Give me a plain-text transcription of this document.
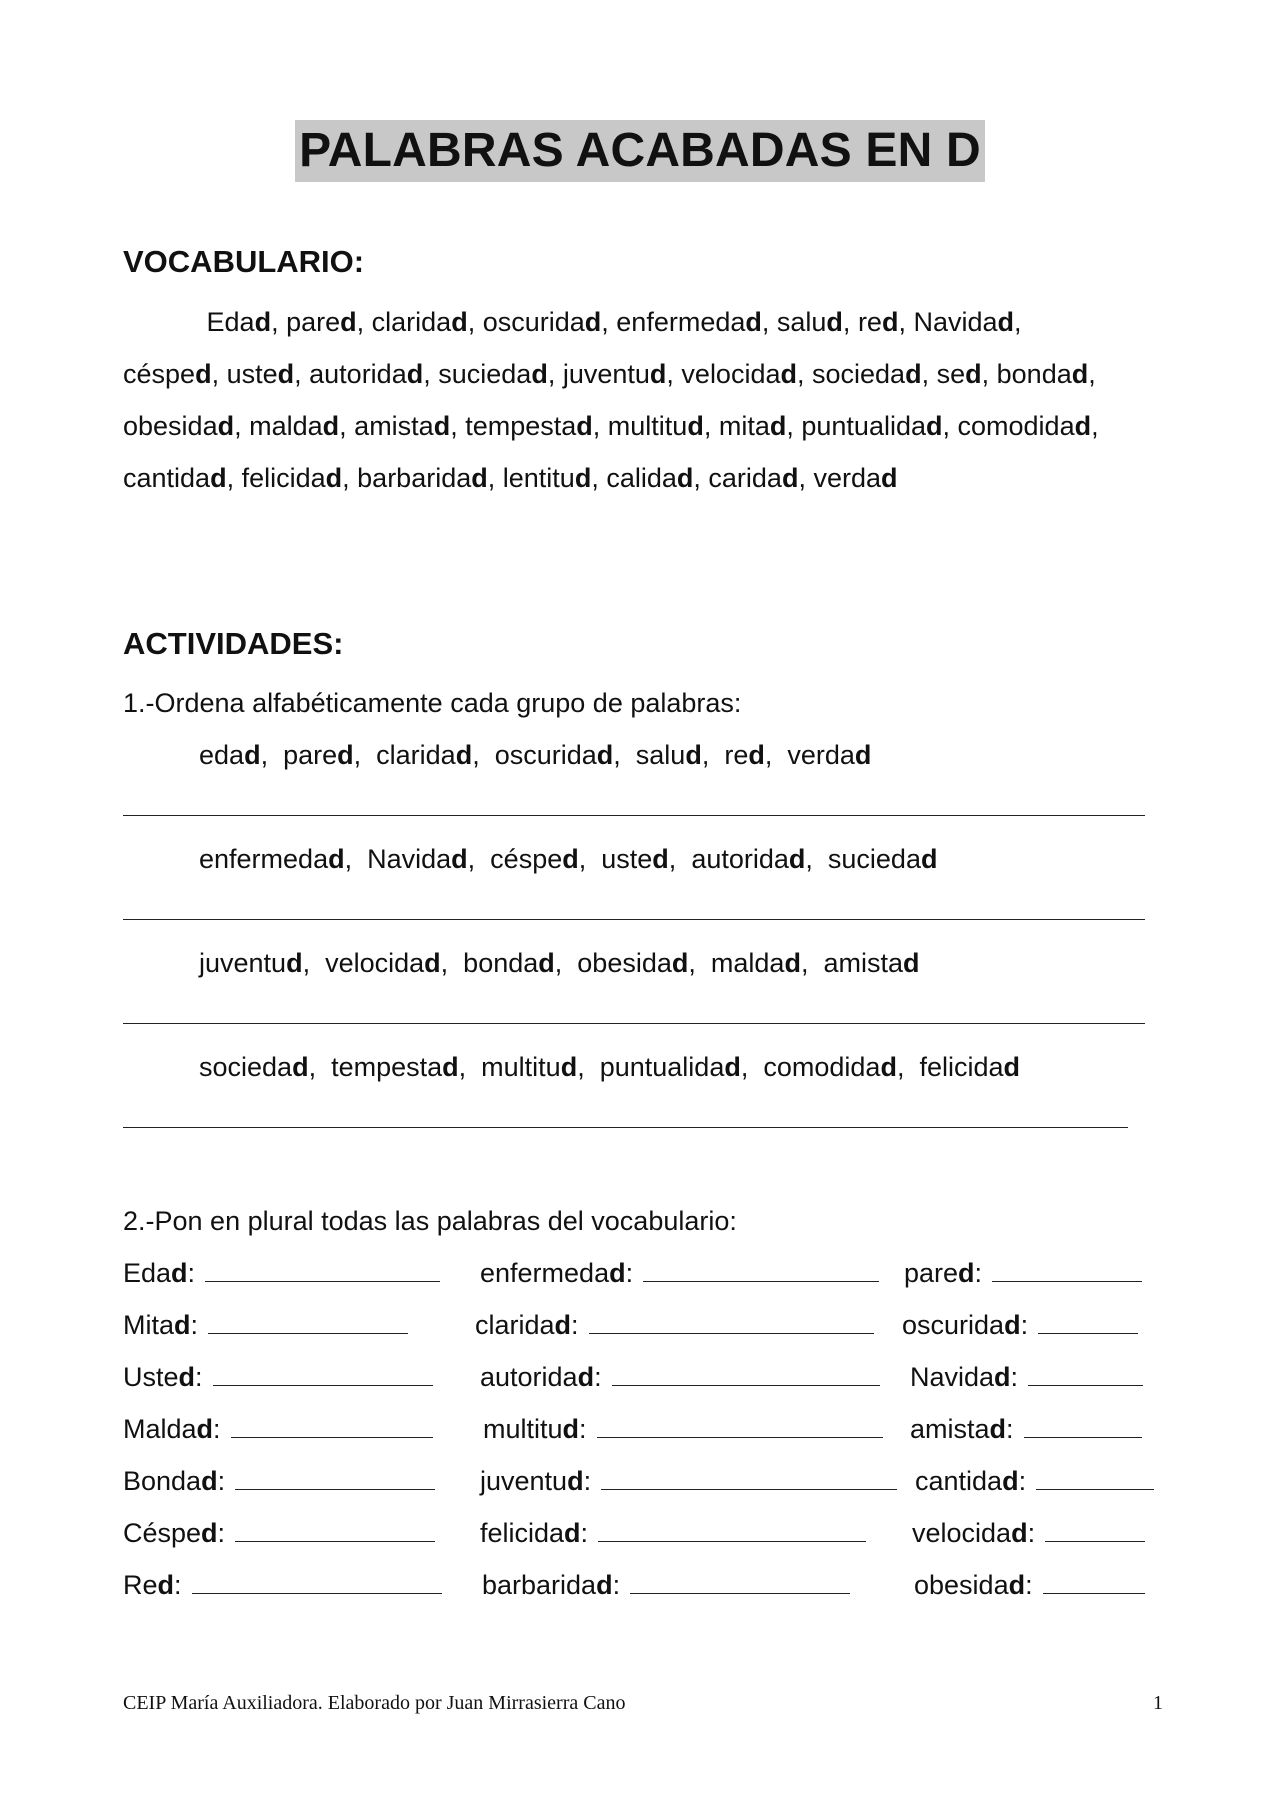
PALABRAS ACABADAS EN D
VOCABULARIO:
Edad, pared, claridad, oscuridad, enfermedad, salud, red, Navidad, césped, usted, autoridad, suciedad, juventud, velocidad, sociedad, sed, bondad, obesidad, maldad, amistad, tempestad, multitud, mitad, puntualidad, comodidad, cantidad, felicidad, barbaridad, lentitud, calidad, caridad, verdad
ACTIVIDADES:
1.-Ordena alfabéticamente cada grupo de palabras:
edad,  pared,  claridad,  oscuridad,  salud,  red,  verdad
enfermedad,  Navidad,  césped,  usted,  autoridad,  suciedad
juventud,  velocidad,  bondad,  obesidad,  maldad,  amistad
sociedad,  tempestad,  multitud,  puntualidad,  comodidad,  felicidad
2.-Pon en plural todas las palabras del vocabulario:
Edad:	enfermedad:	pared:
Mitad:	claridad:	oscuridad:
Usted:	autoridad:	Navidad:
Maldad:	multitud:	amistad:
Bondad:	juventud:	cantidad:
Césped:	felicidad:	velocidad:
Red:	barbaridad:	obesidad:
CEIP María Auxiliadora. Elaborado por Juan Mirrasierra Cano	1
